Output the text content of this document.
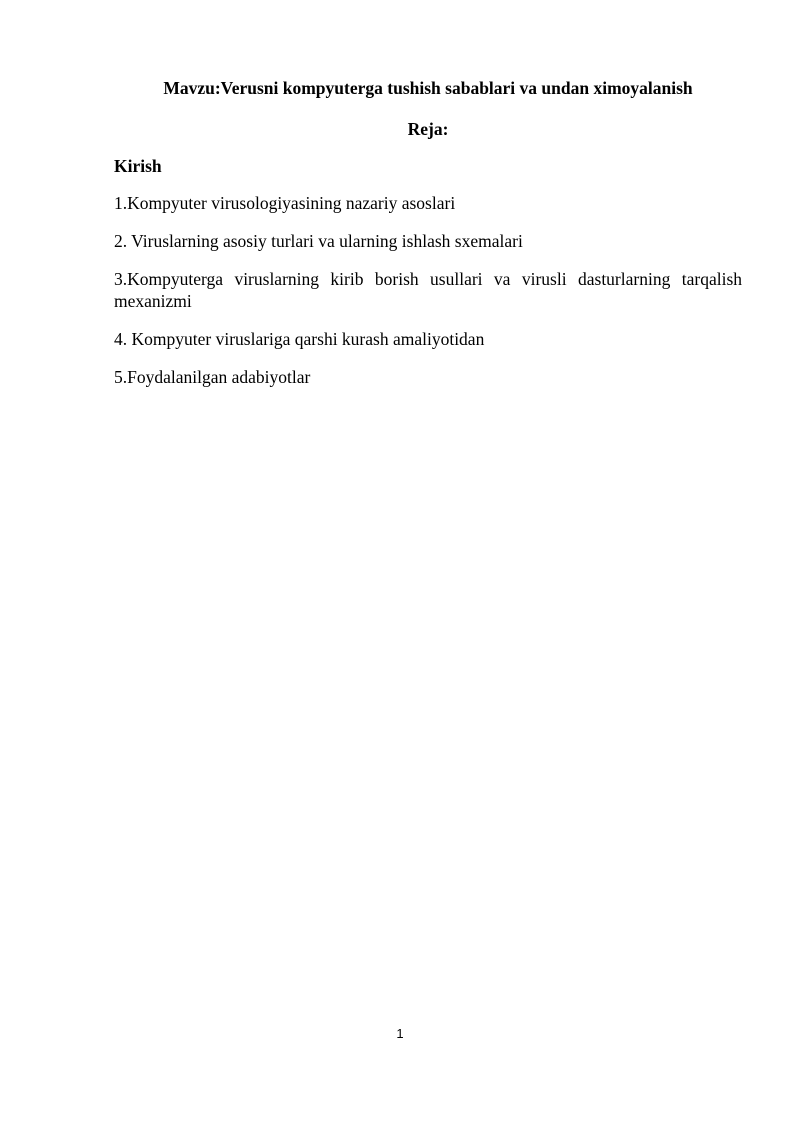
Mavzu:Verusni kompyuterga tushish sabablari va undan ximoyalanish
Reja:
Kirish
1.Kompyuter virusologiyasining nazariy asoslari
2. Viruslarning asosiy turlari va ularning ishlash sxemalari
3.Kompyuterga viruslarning kirib borish usullari va virusli dasturlarning tarqalish mexanizmi
4. Kompyuter viruslariga qarshi kurash amaliyotidan
5.Foydalanilgan adabiyotlar
1
